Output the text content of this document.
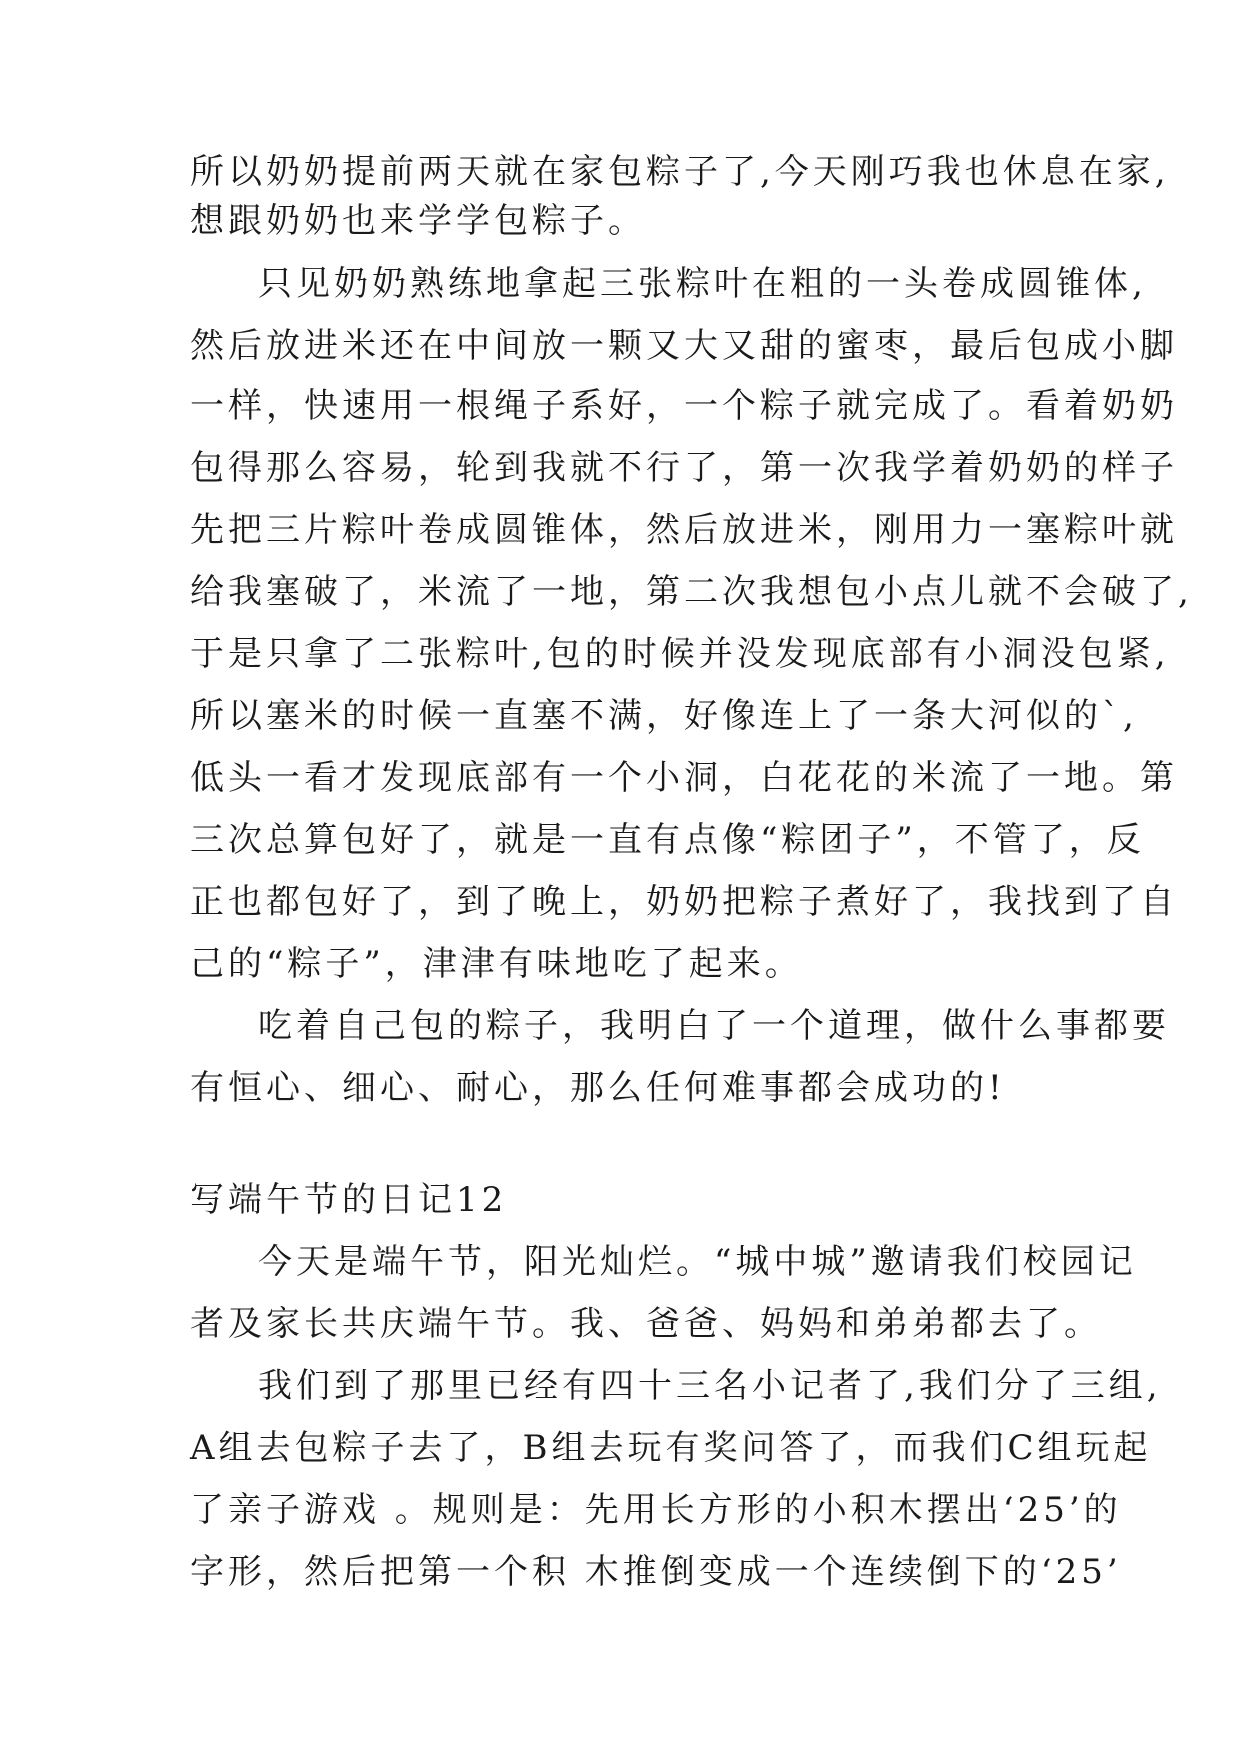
所以奶奶提前两天就在家包粽子了,今天刚巧我也休息在家,

想跟奶奶也来学学包粽子。

只见奶奶熟练地拿起三张粽叶在粗的一头卷成圆锥体,

然后放进米还在中间放一颗又大又甜的蜜枣，最后包成小脚

一样，快速用一根绳子系好，一个粽子就完成了。看着奶奶

包得那么容易，轮到我就不行了，第一次我学着奶奶的样子

先把三片粽叶卷成圆锥体，然后放进米，刚用力一塞粽叶就

给我塞破了，米流了一地，第二次我想包小点儿就不会破了,

于是只拿了二张粽叶,包的时候并没发现底部有小洞没包紧,

所以塞米的时候一直塞不满，好像连上了一条大河似的`,

低头一看才发现底部有一个小洞，白花花的米流了一地。第

三次总算包好了，就是一直有点像“粽团子”，不管了，反

正也都包好了，到了晚上，奶奶把粽子煮好了，我找到了自

己的“粽子”，津津有味地吃了起来。

吃着自己包的粽子，我明白了一个道理，做什么事都要

有恒心、细心、耐心，那么任何难事都会成功的!

写端午节的日记12

今天是端午节，阳光灿烂。“城中城”邀请我们校园记

者及家长共庆端午节。我、爸爸、妈妈和弟弟都去了。

我们到了那里已经有四十三名小记者了,我们分了三组,

A组去包粽子去了，B组去玩有奖问答了，而我们C组玩起

了亲子游戏 。规则是：先用长方形的小积木摆出‘25’的

字形，然后把第一个积 木推倒变成一个连续倒下的‘25’
